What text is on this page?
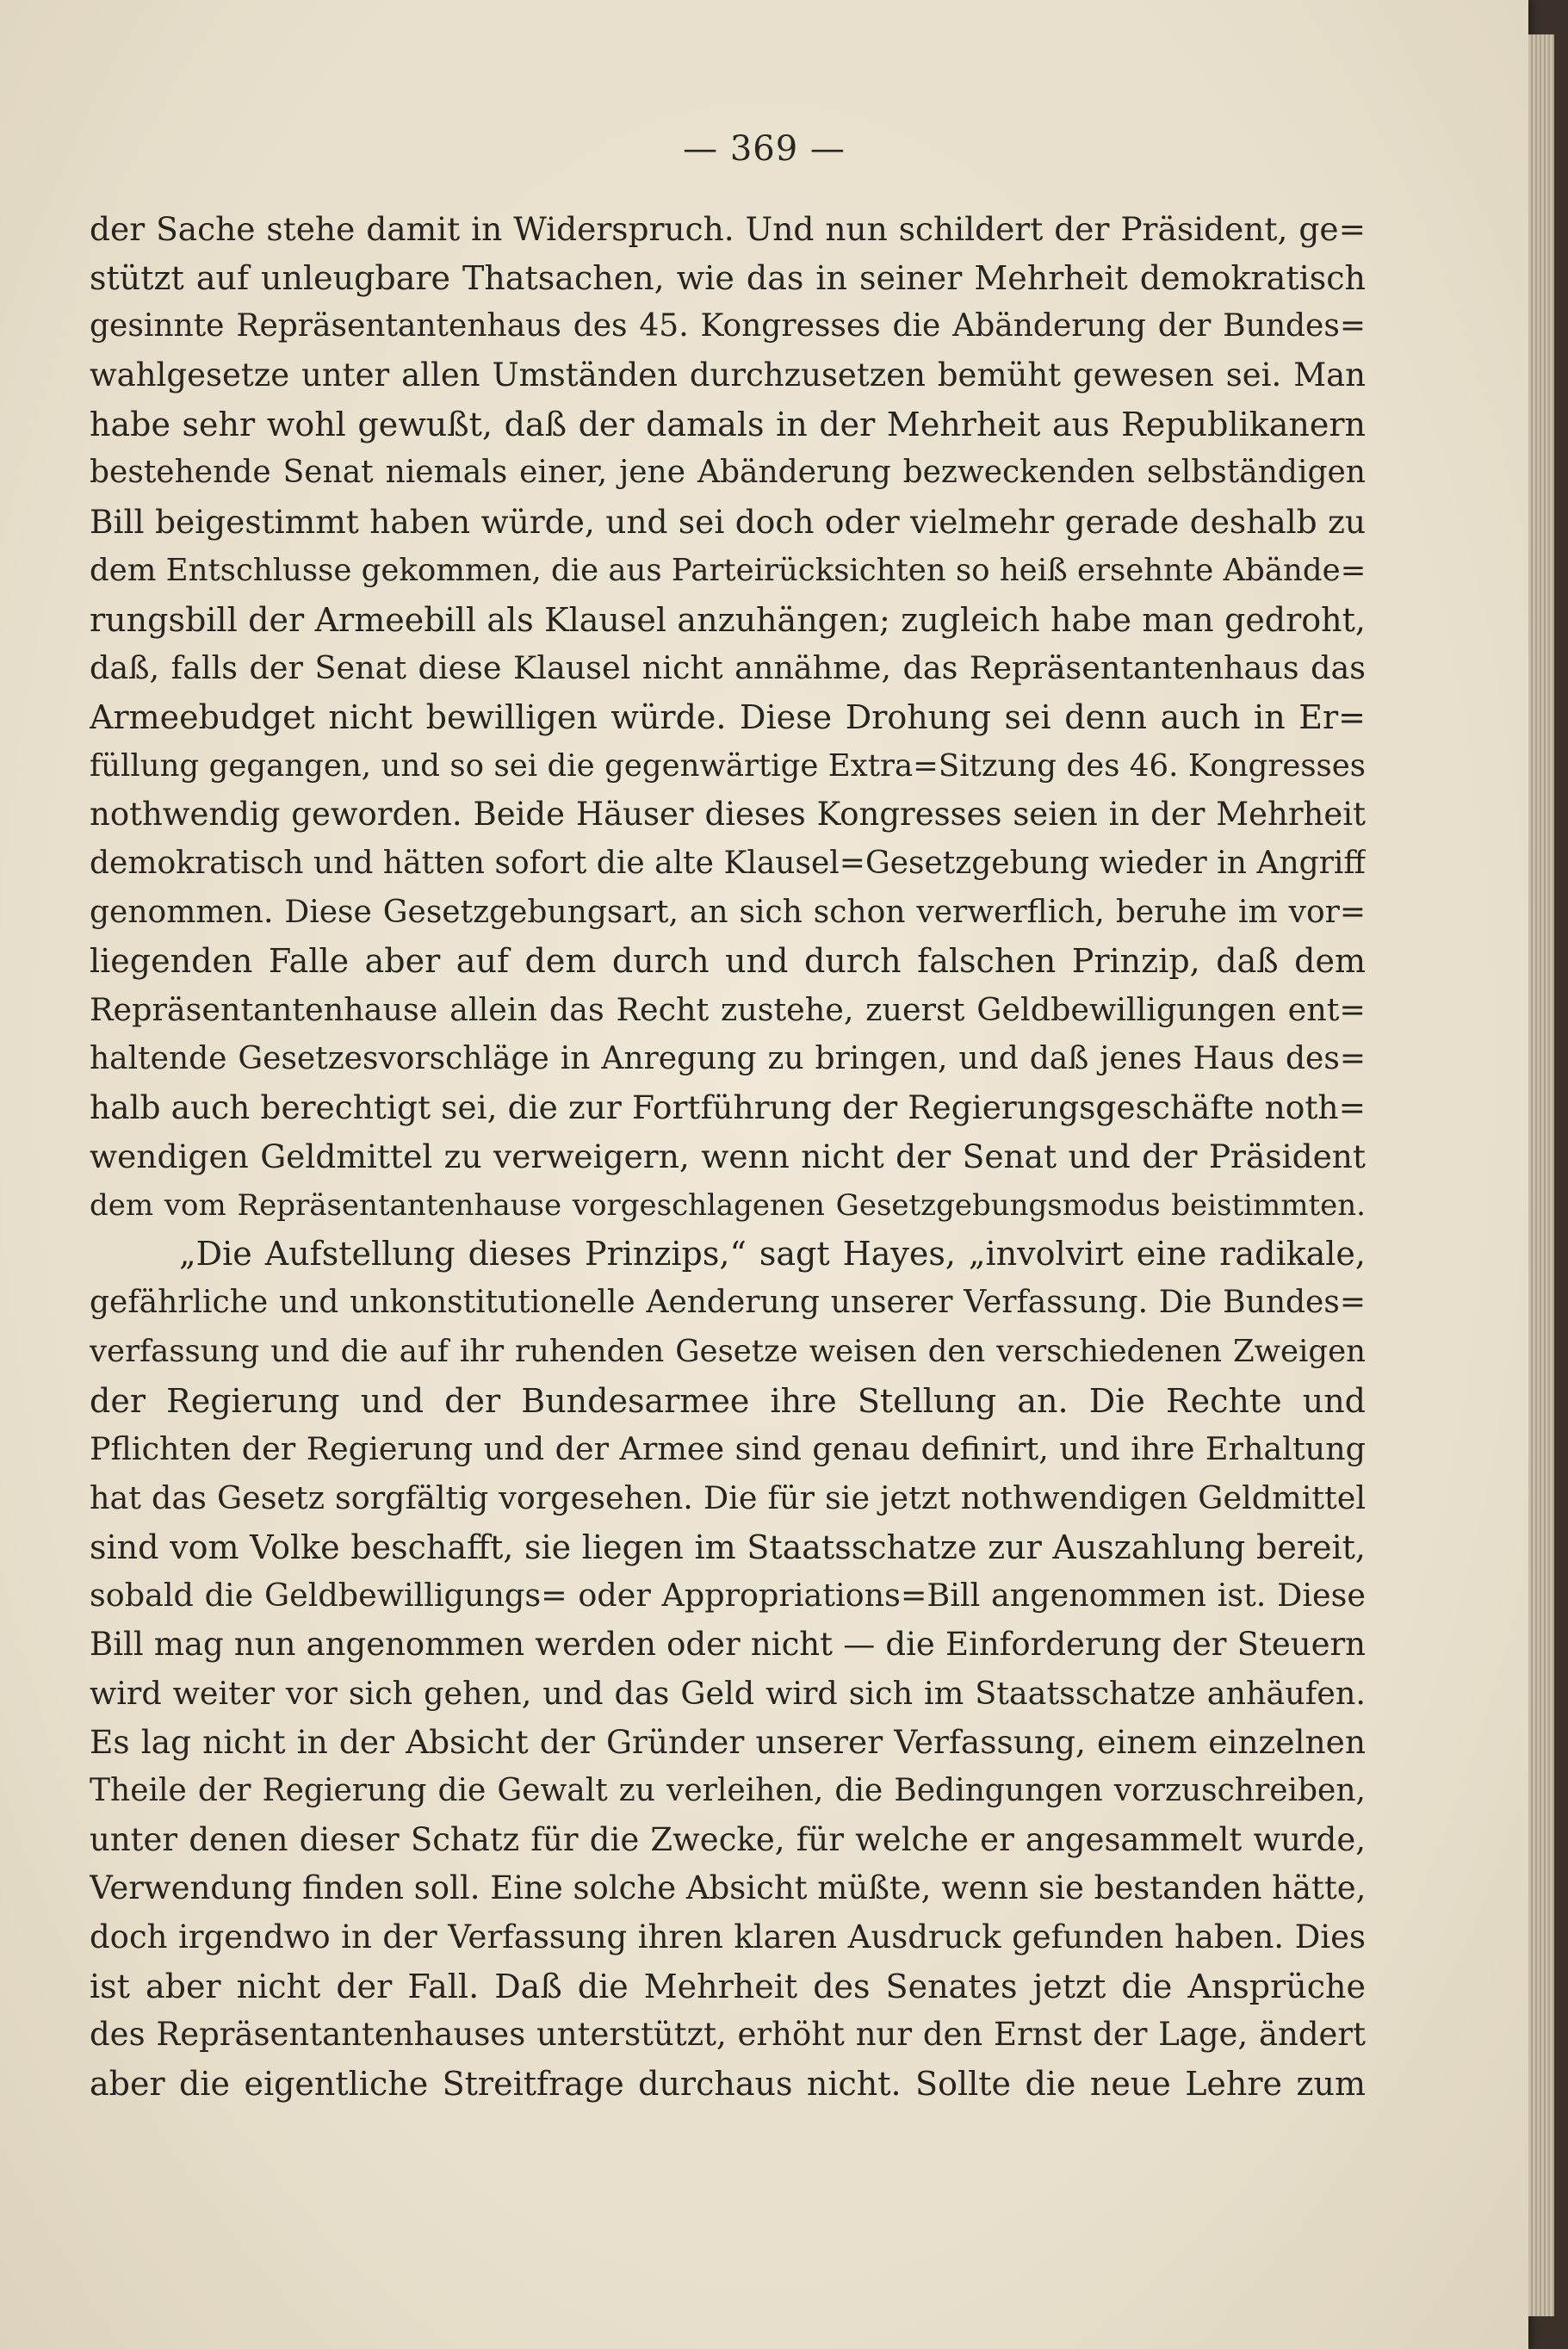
— 369 —
der Sache stehe damit in Widerspruch. Und nun schildert der Präsident, ge=
stützt auf unleugbare Thatsachen, wie das in seiner Mehrheit demokratisch
gesinnte Repräsentantenhaus des 45. Kongresses die Abänderung der Bundes=
wahlgesetze unter allen Umständen durchzusetzen bemüht gewesen sei. Man
habe sehr wohl gewußt, daß der damals in der Mehrheit aus Republikanern
bestehende Senat niemals einer, jene Abänderung bezweckenden selbständigen
Bill beigestimmt haben würde, und sei doch oder vielmehr gerade deshalb zu
dem Entschlusse gekommen, die aus Parteirücksichten so heiß ersehnte Abände=
rungsbill der Armeebill als Klausel anzuhängen; zugleich habe man gedroht,
daß, falls der Senat diese Klausel nicht annähme, das Repräsentantenhaus das
Armeebudget nicht bewilligen würde. Diese Drohung sei denn auch in Er=
füllung gegangen, und so sei die gegenwärtige Extra=Sitzung des 46. Kongresses
nothwendig geworden. Beide Häuser dieses Kongresses seien in der Mehrheit
demokratisch und hätten sofort die alte Klausel=Gesetzgebung wieder in Angriff
genommen. Diese Gesetzgebungsart, an sich schon verwerflich, beruhe im vor=
liegenden Falle aber auf dem durch und durch falschen Prinzip, daß dem
Repräsentantenhause allein das Recht zustehe, zuerst Geldbewilligungen ent=
haltende Gesetzesvorschläge in Anregung zu bringen, und daß jenes Haus des=
halb auch berechtigt sei, die zur Fortführung der Regierungsgeschäfte noth=
wendigen Geldmittel zu verweigern, wenn nicht der Senat und der Präsident
dem vom Repräsentantenhause vorgeschlagenen Gesetzgebungsmodus beistimmten.
„Die Aufstellung dieses Prinzips,“ sagt Hayes, „involvirt eine radikale,
gefährliche und unkonstitutionelle Aenderung unserer Verfassung. Die Bundes=
verfassung und die auf ihr ruhenden Gesetze weisen den verschiedenen Zweigen
der Regierung und der Bundesarmee ihre Stellung an. Die Rechte und
Pflichten der Regierung und der Armee sind genau definirt, und ihre Erhaltung
hat das Gesetz sorgfältig vorgesehen. Die für sie jetzt nothwendigen Geldmittel
sind vom Volke beschafft, sie liegen im Staatsschatze zur Auszahlung bereit,
sobald die Geldbewilligungs= oder Appropriations=Bill angenommen ist. Diese
Bill mag nun angenommen werden oder nicht — die Einforderung der Steuern
wird weiter vor sich gehen, und das Geld wird sich im Staatsschatze anhäufen.
Es lag nicht in der Absicht der Gründer unserer Verfassung, einem einzelnen
Theile der Regierung die Gewalt zu verleihen, die Bedingungen vorzuschreiben,
unter denen dieser Schatz für die Zwecke, für welche er angesammelt wurde,
Verwendung finden soll. Eine solche Absicht müßte, wenn sie bestanden hätte,
doch irgendwo in der Verfassung ihren klaren Ausdruck gefunden haben. Dies
ist aber nicht der Fall. Daß die Mehrheit des Senates jetzt die Ansprüche
des Repräsentantenhauses unterstützt, erhöht nur den Ernst der Lage, ändert
aber die eigentliche Streitfrage durchaus nicht. Sollte die neue Lehre zum
